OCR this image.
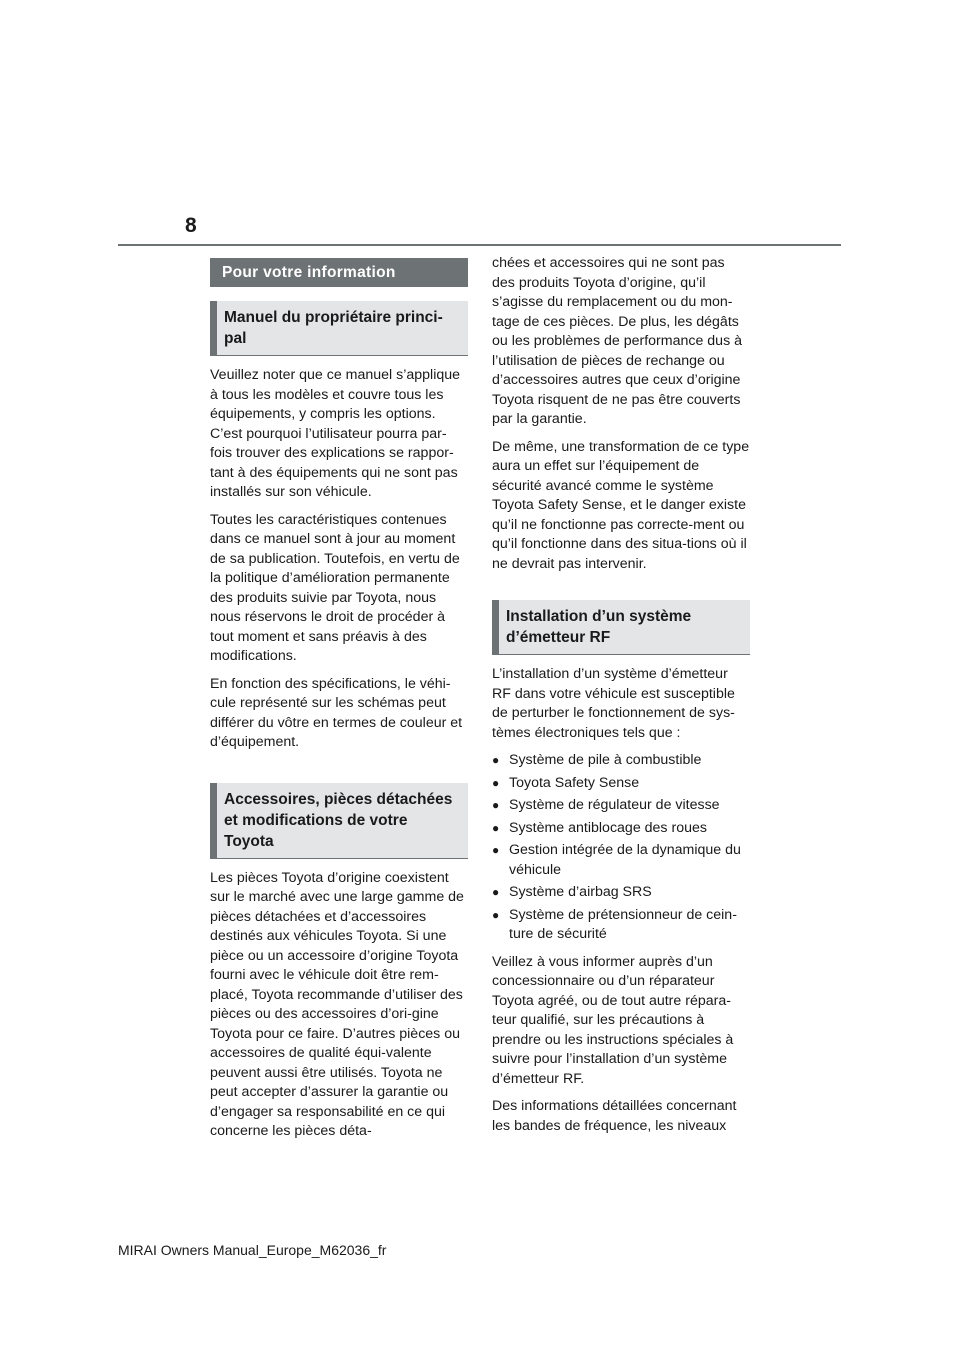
8
Pour votre information
Manuel du propriétaire princi-pal

Veuillez noter que ce manuel s’applique à tous les modèles et couvre tous les équipements, y compris les options. C’est pourquoi l’utilisateur pourra par-fois trouver des explications se rappor-tant à des équipements qui ne sont pas installés sur son véhicule.

Toutes les caractéristiques contenues dans ce manuel sont à jour au moment de sa publication. Toutefois, en vertu de la politique d’amélioration permanente des produits suivie par Toyota, nous nous réservons le droit de procéder à tout moment et sans préavis à des modifications.

En fonction des spécifications, le véhi-cule représenté sur les schémas peut différer du vôtre en termes de couleur et d’équipement.

Accessoires, pièces détachées et modifications de votre Toyota

Les pièces Toyota d’origine coexistent sur le marché avec une large gamme de pièces détachées et d’accessoires destinés aux véhicules Toyota. Si une pièce ou un accessoire d’origine Toyota fourni avec le véhicule doit être rem-placé, Toyota recommande d’utiliser des pièces ou des accessoires d’ori-gine Toyota pour ce faire. D’autres pièces ou accessoires de qualité équi-valente peuvent aussi être utilisés. Toyota ne peut accepter d’assurer la garantie ou d’engager sa responsabilité en ce qui concerne les pièces déta-

chées et accessoires qui ne sont pas des produits Toyota d’origine, qu’il s’agisse du remplacement ou du mon-tage de ces pièces. De plus, les dégâts ou les problèmes de performance dus à l’utilisation de pièces de rechange ou d’accessoires autres que ceux d’origine Toyota risquent de ne pas être couverts par la garantie.

De même, une transformation de ce type aura un effet sur l’équipement de sécurité avancé comme le système Toyota Safety Sense, et le danger existe qu’il ne fonctionne pas correcte-ment ou qu’il fonctionne dans des situa-tions où il ne devrait pas intervenir.

Installation d’un système d’émetteur RF

L’installation d’un système d’émetteur RF dans votre véhicule est susceptible de perturber le fonctionnement de sys-tèmes électroniques tels que :

● Système de pile à combustible
● Toyota Safety Sense
● Système de régulateur de vitesse
● Système antiblocage des roues
● Gestion intégrée de la dynamique du véhicule
● Système d’airbag SRS
● Système de prétensionneur de cein-ture de sécurité

Veillez à vous informer auprès d’un concessionnaire ou d’un réparateur Toyota agréé, ou de tout autre répara-teur qualifié, sur les précautions à prendre ou les instructions spéciales à suivre pour l’installation d’un système d’émetteur RF.

Des informations détaillées concernant les bandes de fréquence, les niveaux

MIRAI Owners Manual_Europe_M62036_fr
